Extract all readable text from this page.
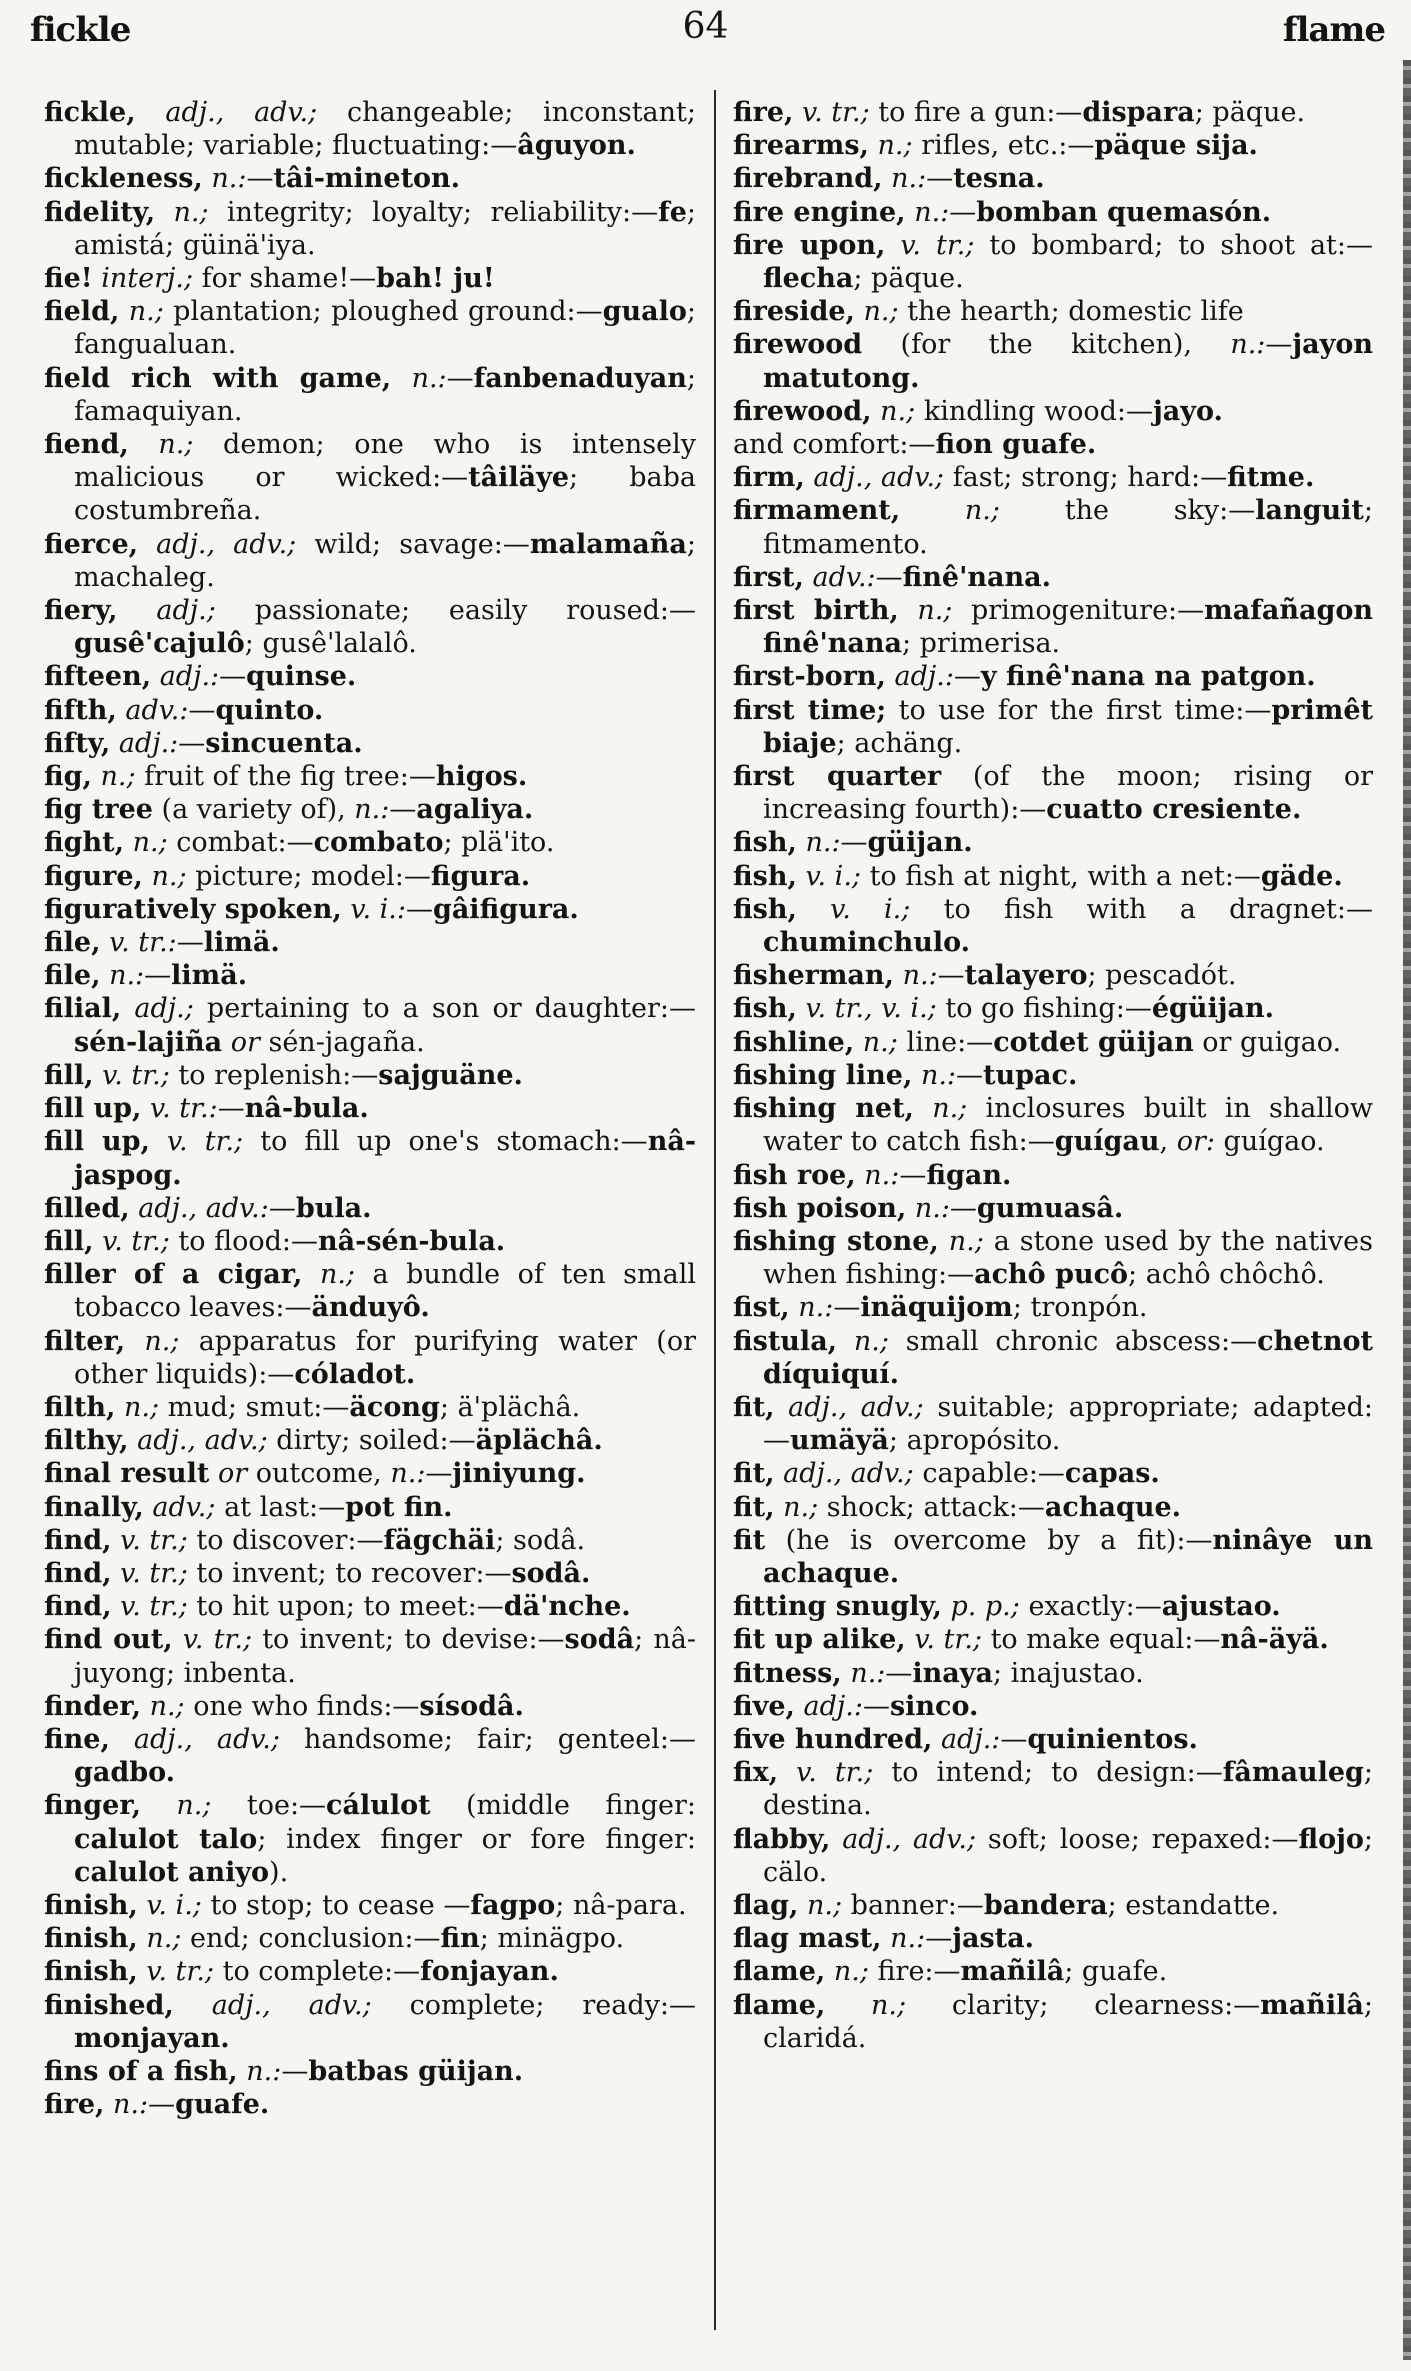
fickle	64	flame

fickle, adj., adv.; changeable; inconstant; mutable; variable; fluctuating:—âguyon.

fickleness, n.:—tâi-mineton.

fidelity, n.; integrity; loyalty; reliability:—fe; amistá; güinä'iya.

fie! interj.; for shame!—bah! ju!

field, n.; plantation; ploughed ground:—gualo; fangualuan.

field rich with game, n.:—fanbenaduyan; famaquiyan.

fiend, n.; demon; one who is intensely malicious or wicked:—tâiläye; baba costumbreña.

fierce, adj., adv.; wild; savage:—malamaña; machaleg.

fiery, adj.; passionate; easily roused:—gusê'cajulô; gusê'lalalô.

fifteen, adj.:—quinse.

fifth, adv.:—quinto.

fifty, adj.:—sincuenta.

fig, n.; fruit of the fig tree:—higos.

fig tree (a variety of), n.:—agaliya.

fight, n.; combat:—combato; plä'ito.

figure, n.; picture; model:—figura.

figuratively spoken, v. i.:—gâifigura.

file, v. tr.:—limä.

file, n.:—limä.

filial, adj.; pertaining to a son or daughter:—sén-lajiña or sén-jagaña.

fill, v. tr.; to replenish:—sajguäne.

fill up, v. tr.:—nâ-bula.

fill up, v. tr.; to fill up one's stomach:—nâ-jaspog.

filled, adj., adv.:—bula.

fill, v. tr.; to flood:—nâ-sén-bula.

filler of a cigar, n.; a bundle of ten small tobacco leaves:—änduyô.

filter, n.; apparatus for purifying water (or other liquids):—cóladot.

filth, n.; mud; smut:—äcong; ä'plächâ.

filthy, adj., adv.; dirty; soiled:—äplächâ.

final result or outcome, n.:—jiniyung.

finally, adv.; at last:—pot fin.

find, v. tr.; to discover:—fägchäi; sodâ.

find, v. tr.; to invent; to recover:—sodâ.

find, v. tr.; to hit upon; to meet:—dä'nche.

find out, v. tr.; to invent; to devise:—sodâ; nâ-juyong; inbenta.

finder, n.; one who finds:—sísodâ.

fine, adj., adv.; handsome; fair; genteel:—gadbo.

finger, n.; toe:—cálulot (middle finger: calulot talo; index finger or fore finger: calulot aniyo).

finish, v. i.; to stop; to cease —fagpo; nâ-para.

finish, n.; end; conclusion:—fin; minägpo.

finish, v. tr.; to complete:—fonjayan.

finished, adj., adv.; complete; ready:—monjayan.

fins of a fish, n.:—batbas güijan.

fire, n.:—guafe.

fire, v. tr.; to fire a gun:—dispara; päque.

firearms, n.; rifles, etc.:—päque sija.

firebrand, n.:—tesna.

fire engine, n.:—bomban quemasón.

fire upon, v. tr.; to bombard; to shoot at:—flecha; päque.

fireside, n.; the hearth; domestic life

firewood (for the kitchen), n.:—jayon matutong.

firewood, n.; kindling wood:—jayo.

and comfort:—fion guafe.

firm, adj., adv.; fast; strong; hard:—fitme.

firmament, n.; the sky:—languit; fitmamento.

first, adv.:—finê'nana.

first birth, n.; primogeniture:—mafañagon finê'nana; primerisa.

first-born, adj.:—y finê'nana na patgon.

first time; to use for the first time:—primêt biaje; achäng.

first quarter (of the moon; rising or increasing fourth):—cuatto cresiente.

fish, n.:—güijan.

fish, v. i.; to fish at night, with a net:—gäde.

fish, v. i.; to fish with a dragnet:—chuminchulo.

fisherman, n.:—talayero; pescadót.

fish, v. tr., v. i.; to go fishing:—égüijan.

fishline, n.; line:—cotdet güijan or guigao.

fishing line, n.:—tupac.

fishing net, n.; inclosures built in shallow water to catch fish:—guígau, or: guígao.

fish roe, n.:—figan.

fish poison, n.:—gumuasâ.

fishing stone, n.; a stone used by the natives when fishing:—achô pucô; achô chôchô.

fist, n.:—inäquijom; tronpón.

fistula, n.; small chronic abscess:—chetnot díquiquí.

fit, adj., adv.; suitable; appropriate; adapted:—umäyä; apropósito.

fit, adj., adv.; capable:—capas.

fit, n.; shock; attack:—achaque.

fit (he is overcome by a fit):—ninâye un achaque.

fitting snugly, p. p.; exactly:—ajustao.

fit up alike, v. tr.; to make equal:—nâ-äyä.

fitness, n.:—inaya; inajustao.

five, adj.:—sinco.

five hundred, adj.:—quinientos.

fix, v. tr.; to intend; to design:—fâmauleg; destina.

flabby, adj., adv.; soft; loose; repaxed:—flojo; cälo.

flag, n.; banner:—bandera; estandatte.

flag mast, n.:—jasta.

flame, n.; fire:—mañilâ; guafe.

flame, n.; clarity; clearness:—mañilâ; claridá.
